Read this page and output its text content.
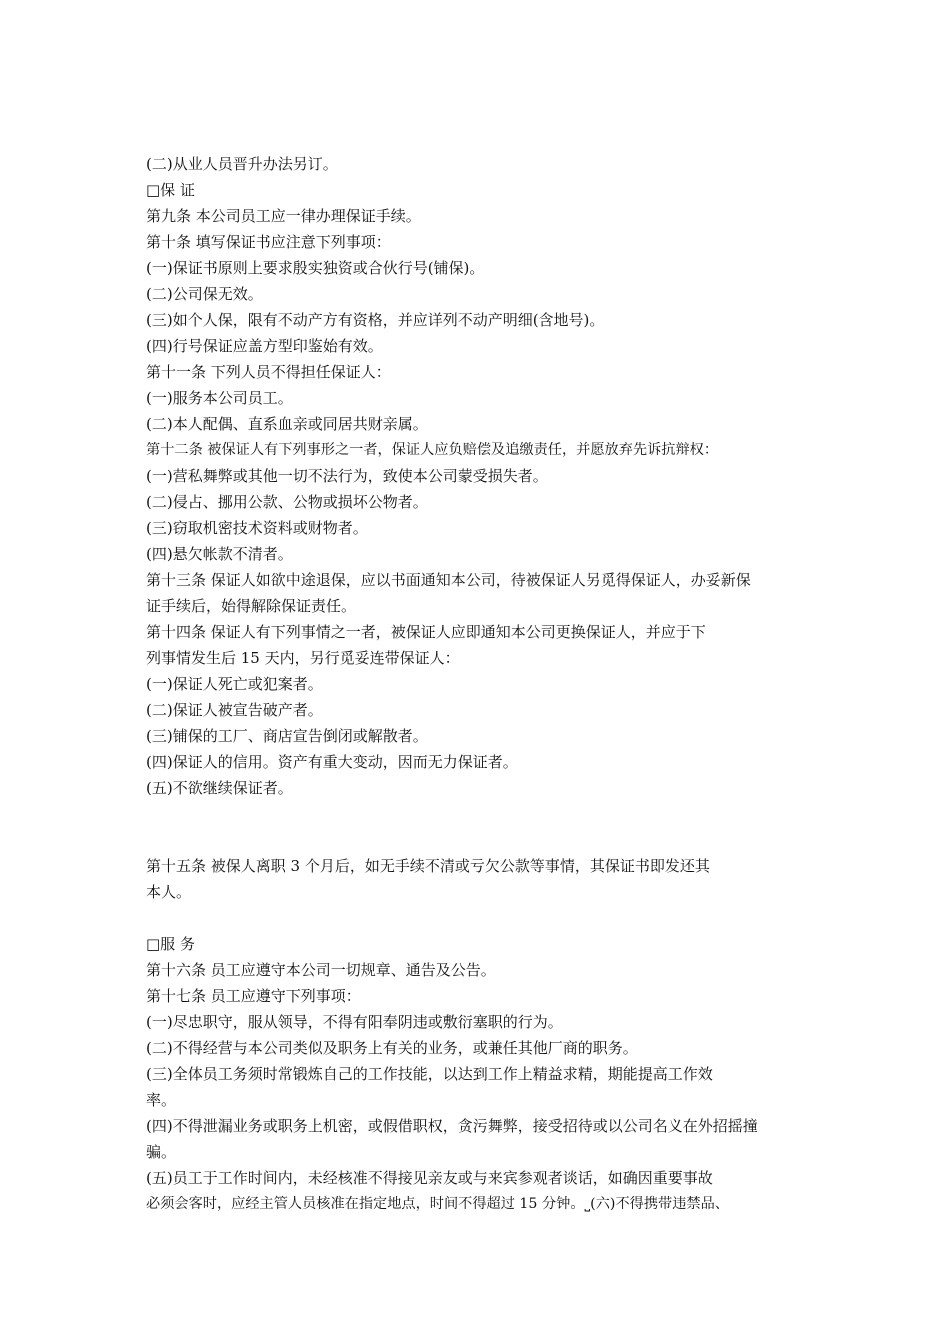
(二)从业人员晋升办法另订。

□保 证

第九条 本公司员工应一律办理保证手续。

第十条 填写保证书应注意下列事项：

(一)保证书原则上要求殷实独资或合伙行号(铺保)。

(二)公司保无效。

(三)如个人保，限有不动产方有资格，并应详列不动产明细(含地号)。

(四)行号保证应盖方型印鉴始有效。

第十一条 下列人员不得担任保证人：

(一)服务本公司员工。

(二)本人配偶、直系血亲或同居共财亲属。

第十二条 被保证人有下列事形之一者，保证人应负赔偿及追缴责任，并愿放弃先诉抗辩权：

(一)营私舞弊或其他一切不法行为，致使本公司蒙受损失者。

(二)侵占、挪用公款、公物或损坏公物者。

(三)窃取机密技术资料或财物者。

(四)悬欠帐款不清者。

第十三条 保证人如欲中途退保，应以书面通知本公司，待被保证人另觅得保证人，办妥新保

证手续后，始得解除保证责任。

第十四条 保证人有下列事情之一者，被保证人应即通知本公司更换保证人，并应于下

列事情发生后 15 天内，另行觅妥连带保证人：

(一)保证人死亡或犯案者。

(二)保证人被宣告破产者。

(三)铺保的工厂、商店宣告倒闭或解散者。

(四)保证人的信用。资产有重大变动，因而无力保证者。

(五)不欲继续保证者。

第十五条 被保人离职 3 个月后，如无手续不清或亏欠公款等事情，其保证书即发还其

本人。

□服 务

第十六条 员工应遵守本公司一切规章、通告及公告。

第十七条 员工应遵守下列事项：

(一)尽忠职守，服从领导，不得有阳奉阴违或敷衍塞职的行为。

(二)不得经营与本公司类似及职务上有关的业务，或兼任其他厂商的职务。

(三)全体员工务须时常锻炼自己的工作技能，以达到工作上精益求精，期能提高工作效

率。

(四)不得泄漏业务或职务上机密，或假借职权，贪污舞弊，接受招待或以公司名义在外招摇撞

骗。

(五)员工于工作时间内，未经核准不得接见亲友或与来宾参观者谈话，如确因重要事故

必须会客时，应经主管人员核准在指定地点，时间不得超过 15 分钟。⎵(六)不得携带违禁品、
